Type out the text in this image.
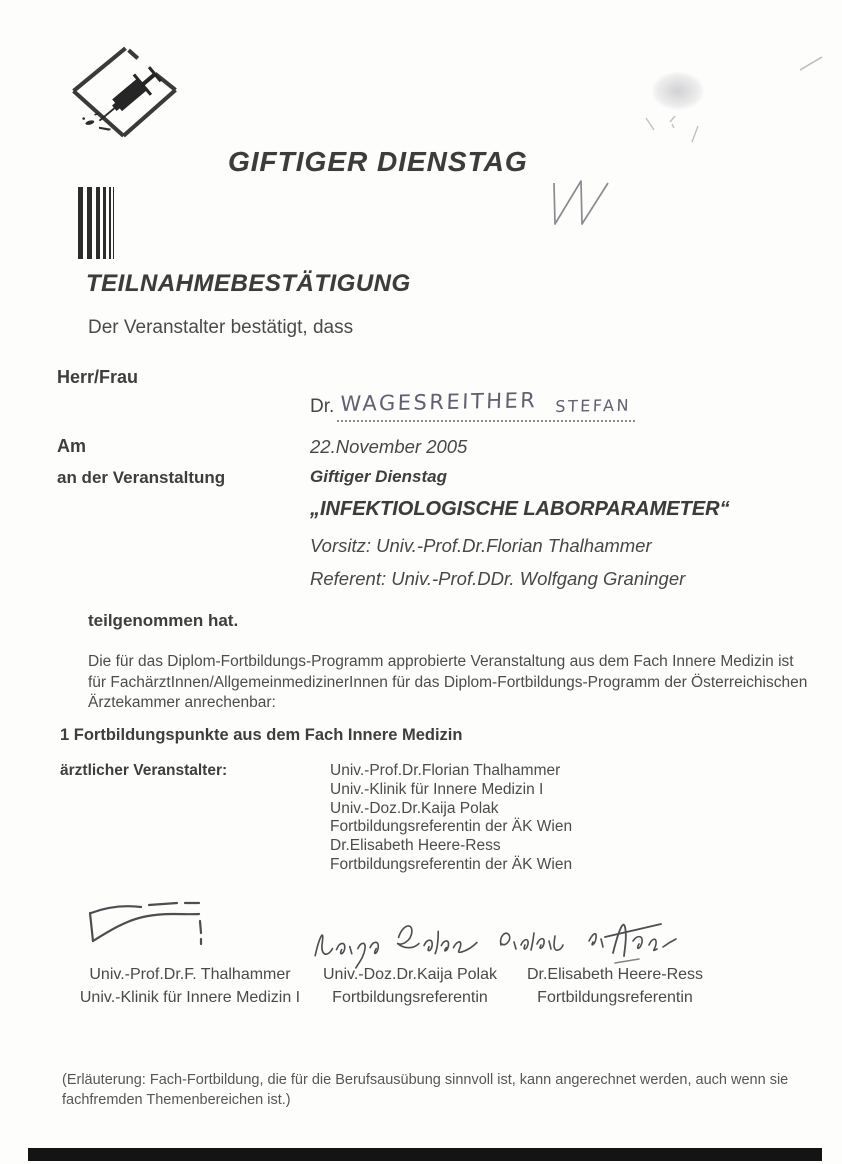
GIFTIGER DIENSTAG
TEILNAHMEBESTÄTIGUNG
Der Veranstalter bestätigt, dass
Herr/Frau
Dr. WAGESREITHER STEFAN
Am	22.November 2005
an der Veranstaltung	Giftiger Dienstag
„INFEKTIOLOGISCHE LABORPARAMETER“
Vorsitz: Univ.-Prof.Dr.Florian Thalhammer
Referent: Univ.-Prof.DDr. Wolfgang Graninger
teilgenommen hat.
Die für das Diplom-Fortbildungs-Programm approbierte Veranstaltung aus dem Fach Innere Medizin ist für FachärztInnen/AllgemeinmedizinerInnen für das Diplom-Fortbildungs-Programm der Österreichischen Ärztekammer anrechenbar:
1 Fortbildungspunkte aus dem Fach Innere Medizin
ärztlicher Veranstalter:	Univ.-Prof.Dr.Florian Thalhammer
Univ.-Klinik für Innere Medizin I
Univ.-Doz.Dr.Kaija Polak
Fortbildungsreferentin der ÄK Wien
Dr.Elisabeth Heere-Ress
Fortbildungsreferentin der ÄK Wien
Univ.-Prof.Dr.F. Thalhammer
Univ.-Klinik für Innere Medizin I
Univ.-Doz.Dr.Kaija Polak
Fortbildungsreferentin
Dr.Elisabeth Heere-Ress
Fortbildungsreferentin
(Erläuterung: Fach-Fortbildung, die für die Berufsausübung sinnvoll ist, kann angerechnet werden, auch wenn sie fachfremden Themenbereichen ist.)
